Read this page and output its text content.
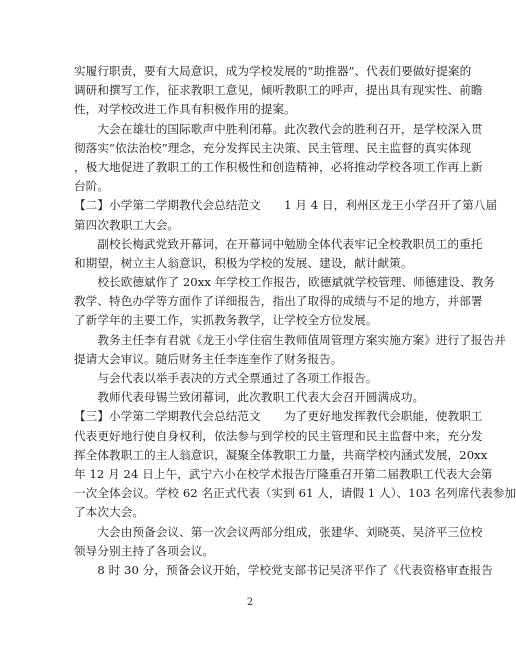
实履行职责，要有大局意识，成为学校发展的“助推器”、代表们要做好提案的
调研和撰写工作，征求教职工意见，倾听教职工的呼声，提出具有现实性、前瞻
性，对学校改进工作具有积极作用的提案。
　　大会在雄壮的国际歌声中胜利闭幕。此次教代会的胜利召开，是学校深入贯
彻落实“依法治校”理念，充分发挥民主决策、民主管理、民主监督的真实体现
，极大地促进了教职工的工作积极性和创造精神，必将推动学校各项工作再上新
台阶。
【二】小学第二学期教代会总结范文　　1 月 4 日，利州区龙王小学召开了第八届
第四次教职工大会。
　　副校长梅武党致开幕词，在开幕词中勉励全体代表牢记全校教职员工的重托
和期望，树立主人翁意识，积极为学校的发展、建设，献计献策。
　　校长欧德斌作了 20xx 年学校工作报告，欧德斌就学校管理、师德建设、教务
教学、特色办学等方面作了详细报告，指出了取得的成绩与不足的地方，并部署
了新学年的主要工作，实抓教务教学，让学校全方位发展。
　　教务主任李有君就《龙王小学住宿生教师值周管理方案实施方案》进行了报告并
提请大会审议。随后财务主任李连奎作了财务报告。
　　与会代表以举手表决的方式全票通过了各项工作报告。
　　教师代表母锡兰致闭幕词，此次教职工代表大会召开圆满成功。
【三】小学第二学期教代会总结范文　　为了更好地发挥教代会职能，使教职工
代表更好地行使自身权利，依法参与到学校的民主管理和民主监督中来，充分发
挥全体教职工的主人翁意识，凝聚全体教职工力量，共商学校内涵式发展，20xx
年 12 月 24 日上午，武宁六小在校学术报告厅隆重召开第二届教职工代表大会第
一次全体会议。学校 62 名正式代表（实到 61 人，请假 1 人）、103 名列席代表参加
了本次大会。
　　大会由预备会议、第一次会议两部分组成，张建华、刘晓英、吴济平三位校
领导分别主持了各项会议。
　　8 时 30 分，预备会议开始，学校党支部书记吴济平作了《代表资格审查报告
2
